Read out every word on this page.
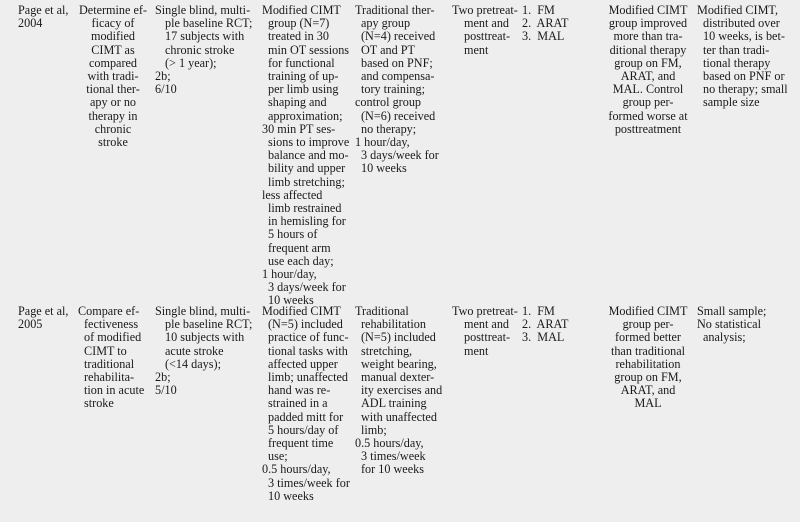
Page et al,
2004
Determine ef-
ficacy of
modified
CIMT as
compared
with tradi-
tional ther-
apy or no
therapy in
chronic
stroke
Single blind, multi-
ple baseline RCT;
17 subjects with
chronic stroke
(> 1 year);
2b;
6/10
Modified CIMT
group (N=7)
treated in 30
min OT sessions
for functional
training of up-
per limb using
shaping and
approximation;
30 min PT ses-
sions to improve
balance and mo-
bility and upper
limb stretching;
less affected
limb restrained
in hemisling for
5 hours of
frequent arm
use each day;
1 hour/day,
3 days/week for
10 weeks
Traditional ther-
apy group
(N=4) received
OT and PT
based on PNF;
and compensa-
tory training;
control group
(N=6) received
no therapy;
1 hour/day,
3 days/week for
10 weeks
Two pretreat-
ment and
posttreat-
ment
1.  FM
2.  ARAT
3.  MAL
Modified CIMT
group improved
more than tra-
ditional therapy
group on FM,
ARAT, and
MAL. Control
group per-
formed worse at
posttreatment
Modified CIMT,
distributed over
10 weeks, is bet-
ter than tradi-
tional therapy
based on PNF or
no therapy; small
sample size
Page et al,
2005
Compare ef-
fectiveness
of modified
CIMT to
traditional
rehabilita-
tion in acute
stroke
Single blind, multi-
ple baseline RCT;
10 subjects with
acute stroke
(<14 days);
2b;
5/10
Modified CIMT
(N=5) included
practice of func-
tional tasks with
affected upper
limb; unaffected
hand was re-
strained in a
padded mitt for
5 hours/day of
frequent time
use;
0.5 hours/day,
3 times/week for
10 weeks
Traditional
rehabilitation
(N=5) included
stretching,
weight bearing,
manual dexter-
ity exercises and
ADL training
with unaffected
limb;
0.5 hours/day,
3 times/week
for 10 weeks
Two pretreat-
ment and
posttreat-
ment
1.  FM
2.  ARAT
3.  MAL
Modified CIMT
group per-
formed better
than traditional
rehabilitation
group on FM,
ARAT, and
MAL
Small sample;
No statistical
analysis;
